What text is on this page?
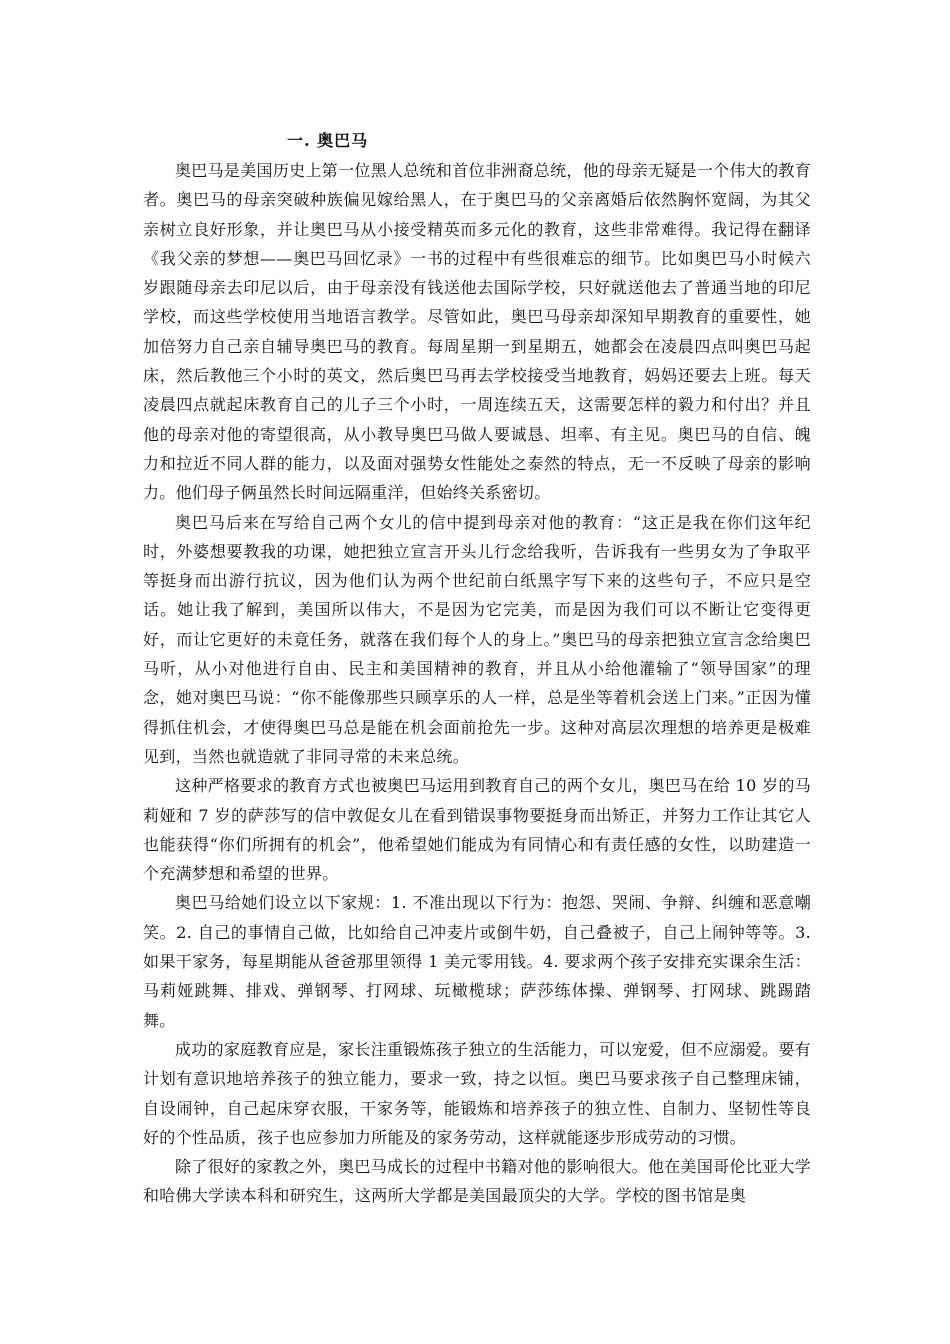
一. 奥巴马

奥巴马是美国历史上第一位黑人总统和首位非洲裔总统，他的母亲无疑是一个伟大的教育者。奥巴马的母亲突破种族偏见嫁给黑人，在于奥巴马的父亲离婚后依然胸怀宽阔，为其父亲树立良好形象，并让奥巴马从小接受精英而多元化的教育，这些非常难得。我记得在翻译《我父亲的梦想——奥巴马回忆录》一书的过程中有些很难忘的细节。比如奥巴马小时候六岁跟随母亲去印尼以后，由于母亲没有钱送他去国际学校，只好就送他去了普通当地的印尼学校，而这些学校使用当地语言教学。尽管如此，奥巴马母亲却深知早期教育的重要性，她加倍努力自己亲自辅导奥巴马的教育。每周星期一到星期五，她都会在凌晨四点叫奥巴马起床，然后教他三个小时的英文，然后奥巴马再去学校接受当地教育，妈妈还要去上班。每天凌晨四点就起床教育自己的儿子三个小时，一周连续五天，这需要怎样的毅力和付出？并且他的母亲对他的寄望很高，从小教导奥巴马做人要诚恳、坦率、有主见。奥巴马的自信、魄力和拉近不同人群的能力，以及面对强势女性能处之泰然的特点，无一不反映了母亲的影响力。他们母子俩虽然长时间远隔重洋，但始终关系密切。

奥巴马后来在写给自己两个女儿的信中提到母亲对他的教育：“这正是我在你们这年纪时，外婆想要教我的功课，她把独立宣言开头儿行念给我听，告诉我有一些男女为了争取平等挺身而出游行抗议，因为他们认为两个世纪前白纸黑字写下来的这些句子，不应只是空话。她让我了解到，美国所以伟大，不是因为它完美，而是因为我们可以不断让它变得更好，而让它更好的未竟任务，就落在我们每个人的身上。”奥巴马的母亲把独立宣言念给奥巴马听，从小对他进行自由、民主和美国精神的教育，并且从小给他灌输了“领导国家”的理念，她对奥巴马说：“你不能像那些只顾享乐的人一样，总是坐等着机会送上门来。”正因为懂得抓住机会，才使得奥巴马总是能在机会面前抢先一步。这种对高层次理想的培养更是极难见到，当然也就造就了非同寻常的未来总统。

这种严格要求的教育方式也被奥巴马运用到教育自己的两个女儿，奥巴马在给 10 岁的马莉娅和 7 岁的萨莎写的信中敦促女儿在看到错误事物要挺身而出矫正，并努力工作让其它人也能获得“你们所拥有的机会”，他希望她们能成为有同情心和有责任感的女性，以助建造一个充满梦想和希望的世界。

奥巴马给她们设立以下家规：1. 不准出现以下行为：抱怨、哭闹、争辩、纠缠和恶意嘲笑。2. 自己的事情自己做，比如给自己冲麦片或倒牛奶，自己叠被子，自己上闹钟等等。3. 如果干家务，每星期能从爸爸那里领得 1 美元零用钱。4. 要求两个孩子安排充实课余生活：马莉娅跳舞、排戏、弹钢琴、打网球、玩橄榄球；萨莎练体操、弹钢琴、打网球、跳踢踏舞。

成功的家庭教育应是，家长注重锻炼孩子独立的生活能力，可以宠爱，但不应溺爱。要有计划有意识地培养孩子的独立能力，要求一致，持之以恒。奥巴马要求孩子自己整理床铺，自设闹钟，自己起床穿衣服，干家务等，能锻炼和培养孩子的独立性、自制力、坚韧性等良好的个性品质，孩子也应参加力所能及的家务劳动，这样就能逐步形成劳动的习惯。

除了很好的家教之外，奥巴马成长的过程中书籍对他的影响很大。他在美国哥伦比亚大学和哈佛大学读本科和研究生，这两所大学都是美国最顶尖的大学。学校的图书馆是奥
